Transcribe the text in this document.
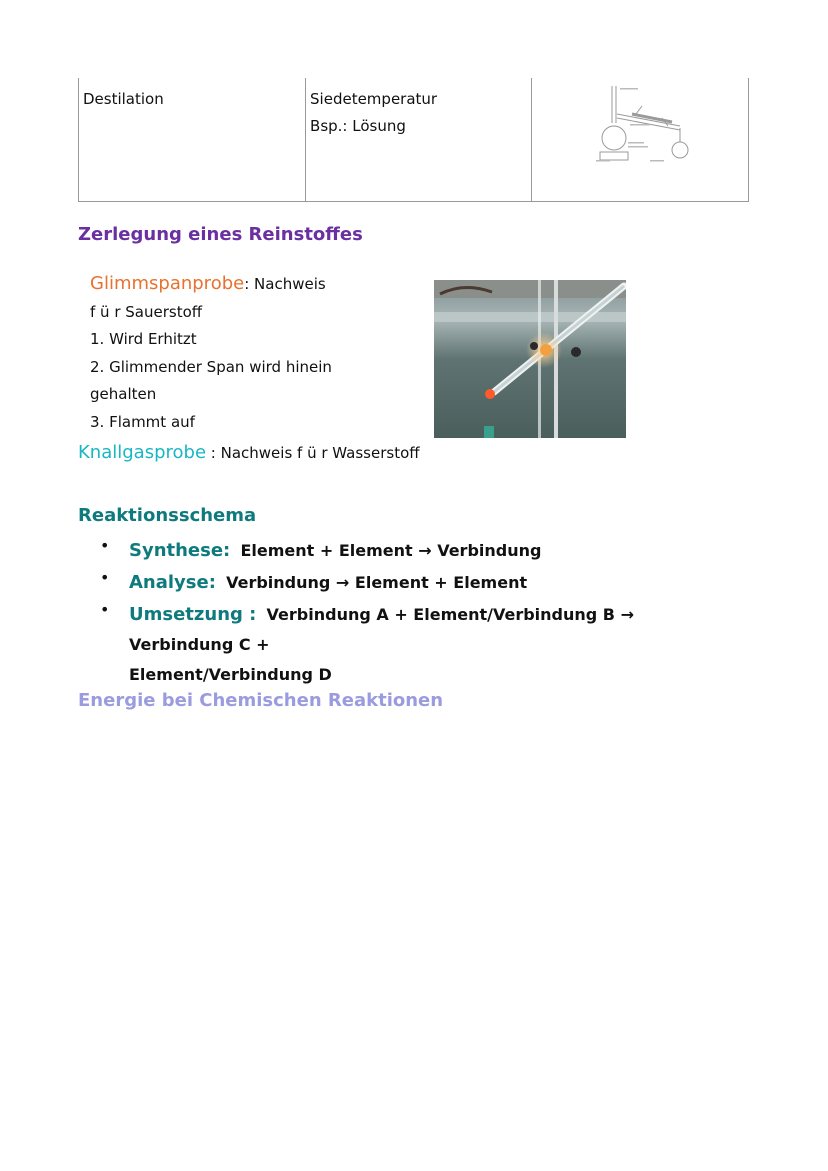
Destilation	Siedetemperatur
Bsp.: Lösung

Zerlegung eines Reinstoffes
Glimmspanprobe: Nachweis
f ü r Sauerstoff
1. Wird Erhitzt
2. Glimmender Span wird hinein
gehalten
3. Flammt auf
Knallgasprobe : Nachweis f ü r Wasserstoff
Reaktionsschema
• Synthese: Element + Element → Verbindung
• Analyse: Verbindung → Element + Element
• Umsetzung : Verbindung A + Element/Verbindung B → Verbindung C +
Element/Verbindung D
Energie bei Chemischen Reaktionen
